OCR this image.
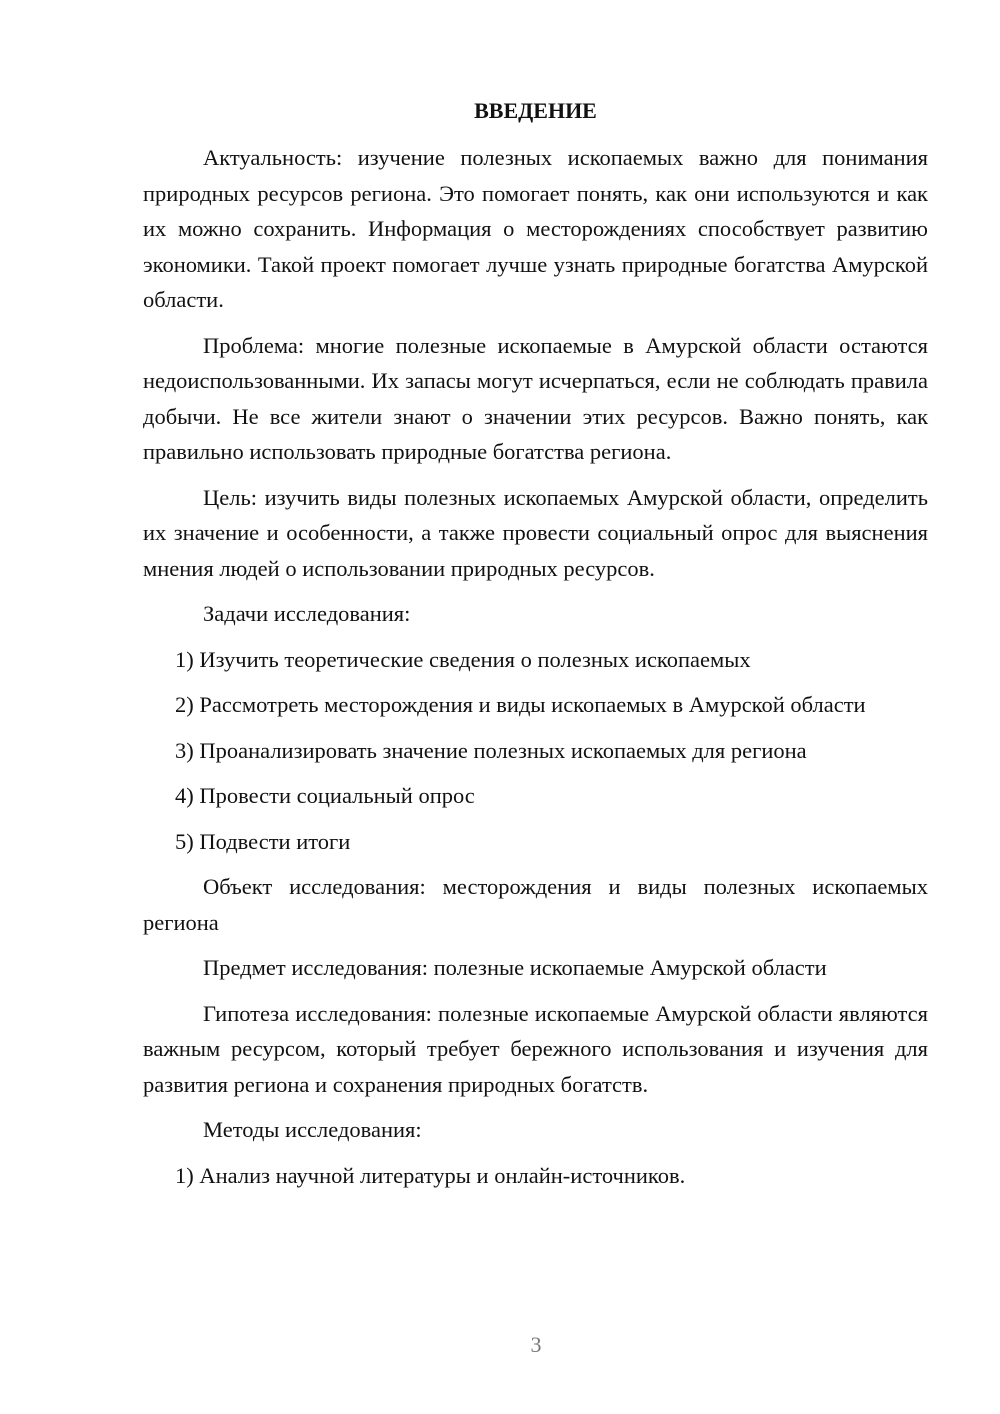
ВВЕДЕНИЕ

Актуальность: изучение полезных ископаемых важно для понимания природных ресурсов региона. Это помогает понять, как они используются и как их можно сохранить. Информация о месторождениях способствует развитию экономики. Такой проект помогает лучше узнать природные богатства Амурской области.

Проблема: многие полезные ископаемые в Амурской области остаются недоиспользованными. Их запасы могут исчерпаться, если не соблюдать правила добычи. Не все жители знают о значении этих ресурсов. Важно понять, как правильно использовать природные богатства региона.

Цель: изучить виды полезных ископаемых Амурской области, определить их значение и особенности, а также провести социальный опрос для выяснения мнения людей о использовании природных ресурсов.

Задачи исследования:

1) Изучить теоретические сведения о полезных ископаемых

2) Рассмотреть месторождения и виды ископаемых в Амурской области

3) Проанализировать значение полезных ископаемых для региона

4) Провести социальный опрос

5) Подвести итоги

Объект исследования: месторождения и виды полезных ископаемых региона

Предмет исследования: полезные ископаемые Амурской области

Гипотеза исследования: полезные ископаемые Амурской области являются важным ресурсом, который требует бережного использования и изучения для развития региона и сохранения природных богатств.

Методы исследования:

1) Анализ научной литературы и онлайн-источников.

3
